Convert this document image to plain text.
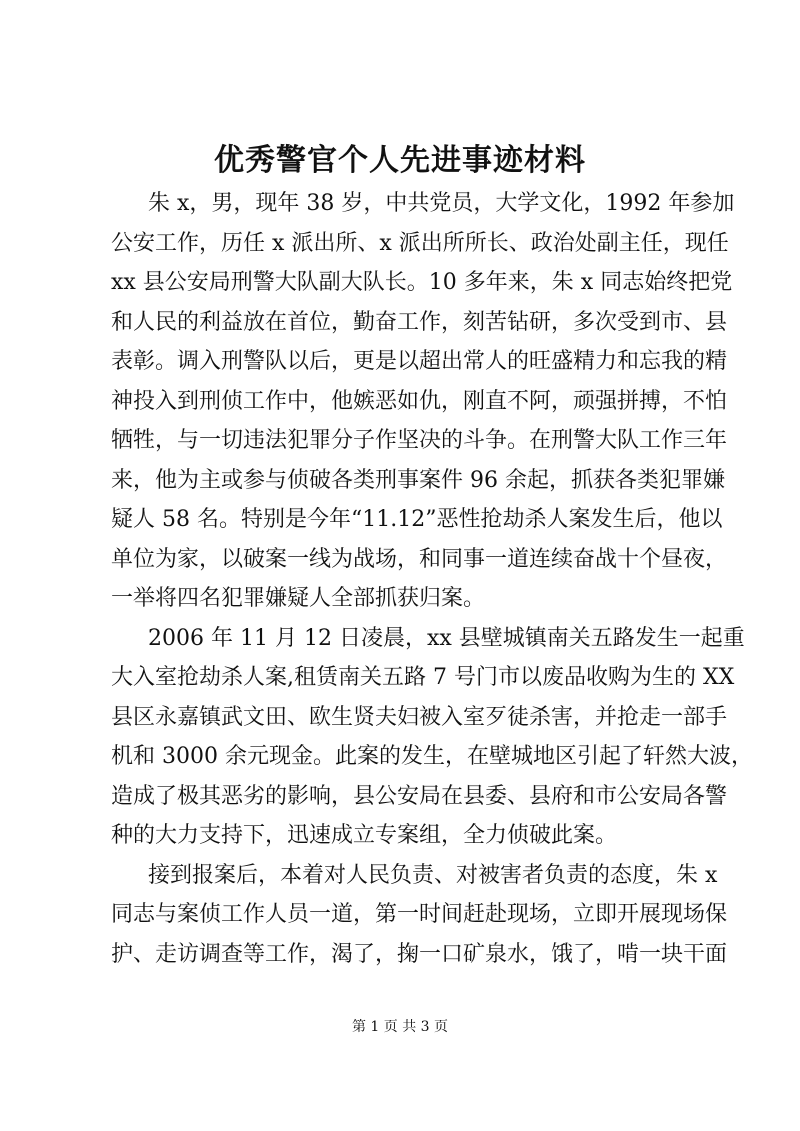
优秀警官个人先进事迹材料
朱 x，男，现年 38 岁，中共党员，大学文化，1992 年参加
公安工作，历任 x 派出所、x 派出所所长、政治处副主任，现任
xx 县公安局刑警大队副大队长。10 多年来，朱 x 同志始终把党
和人民的利益放在首位，勤奋工作，刻苦钻研，多次受到市、县
表彰。调入刑警队以后，更是以超出常人的旺盛精力和忘我的精
神投入到刑侦工作中，他嫉恶如仇，刚直不阿，顽强拼搏，不怕
牺牲，与一切违法犯罪分子作坚决的斗争。在刑警大队工作三年
来，他为主或参与侦破各类刑事案件 96 余起，抓获各类犯罪嫌
疑人 58 名。特别是今年“11.12”恶性抢劫杀人案发生后，他以
单位为家，以破案一线为战场，和同事一道连续奋战十个昼夜，
一举将四名犯罪嫌疑人全部抓获归案。
2006 年 11 月 12 日凌晨，xx 县壁城镇南关五路发生一起重
大入室抢劫杀人案,租赁南关五路 7 号门市以废品收购为生的 XX
县区永嘉镇武文田、欧生贤夫妇被入室歹徒杀害，并抢走一部手
机和 3000 余元现金。此案的发生，在壁城地区引起了轩然大波，
造成了极其恶劣的影响，县公安局在县委、县府和市公安局各警
种的大力支持下，迅速成立专案组，全力侦破此案。
接到报案后，本着对人民负责、对被害者负责的态度，朱 x
同志与案侦工作人员一道，第一时间赶赴现场，立即开展现场保
护、走访调查等工作，渴了，掬一口矿泉水，饿了，啃一块干面
第 1 页 共 3 页
